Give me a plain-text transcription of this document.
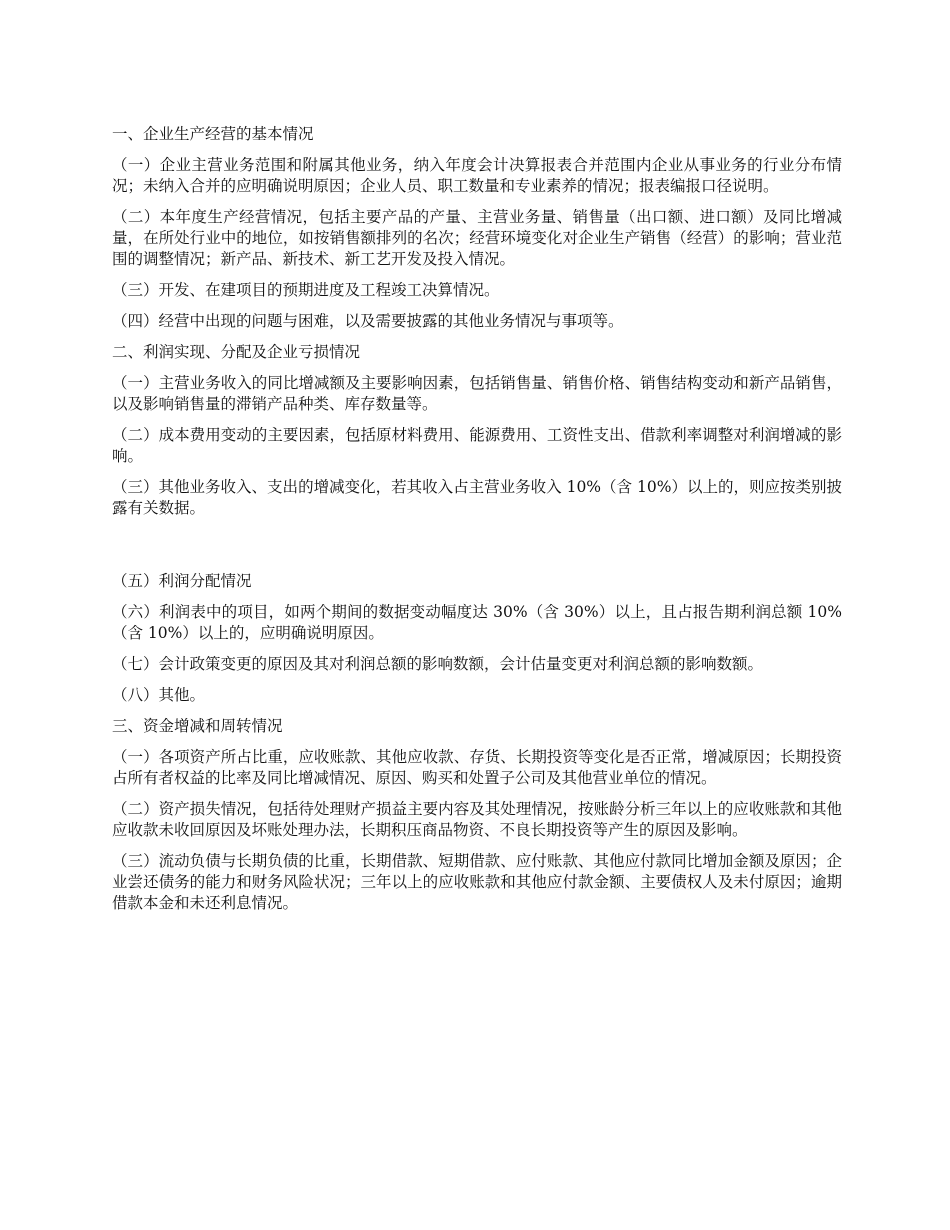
一、企业生产经营的基本情况

（一）企业主营业务范围和附属其他业务，纳入年度会计决算报表合并范围内企业从事业务的行业分布情况；未纳入合并的应明确说明原因；企业人员、职工数量和专业素养的情况；报表编报口径说明。

（二）本年度生产经营情况，包括主要产品的产量、主营业务量、销售量（出口额、进口额）及同比增减量，在所处行业中的地位，如按销售额排列的名次；经营环境变化对企业生产销售（经营）的影响；营业范围的调整情况；新产品、新技术、新工艺开发及投入情况。

（三）开发、在建项目的预期进度及工程竣工决算情况。

（四）经营中出现的问题与困难，以及需要披露的其他业务情况与事项等。

二、利润实现、分配及企业亏损情况

（一）主营业务收入的同比增减额及主要影响因素，包括销售量、销售价格、销售结构变动和新产品销售，以及影响销售量的滞销产品种类、库存数量等。

（二）成本费用变动的主要因素，包括原材料费用、能源费用、工资性支出、借款利率调整对利润增减的影响。

（三）其他业务收入、支出的增减变化，若其收入占主营业务收入 10%（含 10%）以上的，则应按类别披露有关数据。

（五）利润分配情况

（六）利润表中的项目，如两个期间的数据变动幅度达 30%（含 30%）以上，且占报告期利润总额 10%（含 10%）以上的，应明确说明原因。

（七）会计政策变更的原因及其对利润总额的影响数额，会计估量变更对利润总额的影响数额。

（八）其他。

三、资金增减和周转情况

（一）各项资产所占比重，应收账款、其他应收款、存货、长期投资等变化是否正常，增减原因；长期投资占所有者权益的比率及同比增减情况、原因、购买和处置子公司及其他营业单位的情况。

（二）资产损失情况，包括待处理财产损益主要内容及其处理情况，按账龄分析三年以上的应收账款和其他应收款未收回原因及坏账处理办法，长期积压商品物资、不良长期投资等产生的原因及影响。

（三）流动负债与长期负债的比重，长期借款、短期借款、应付账款、其他应付款同比增加金额及原因；企业尝还债务的能力和财务风险状况；三年以上的应收账款和其他应付款金额、主要债权人及未付原因；逾期借款本金和未还利息情况。
